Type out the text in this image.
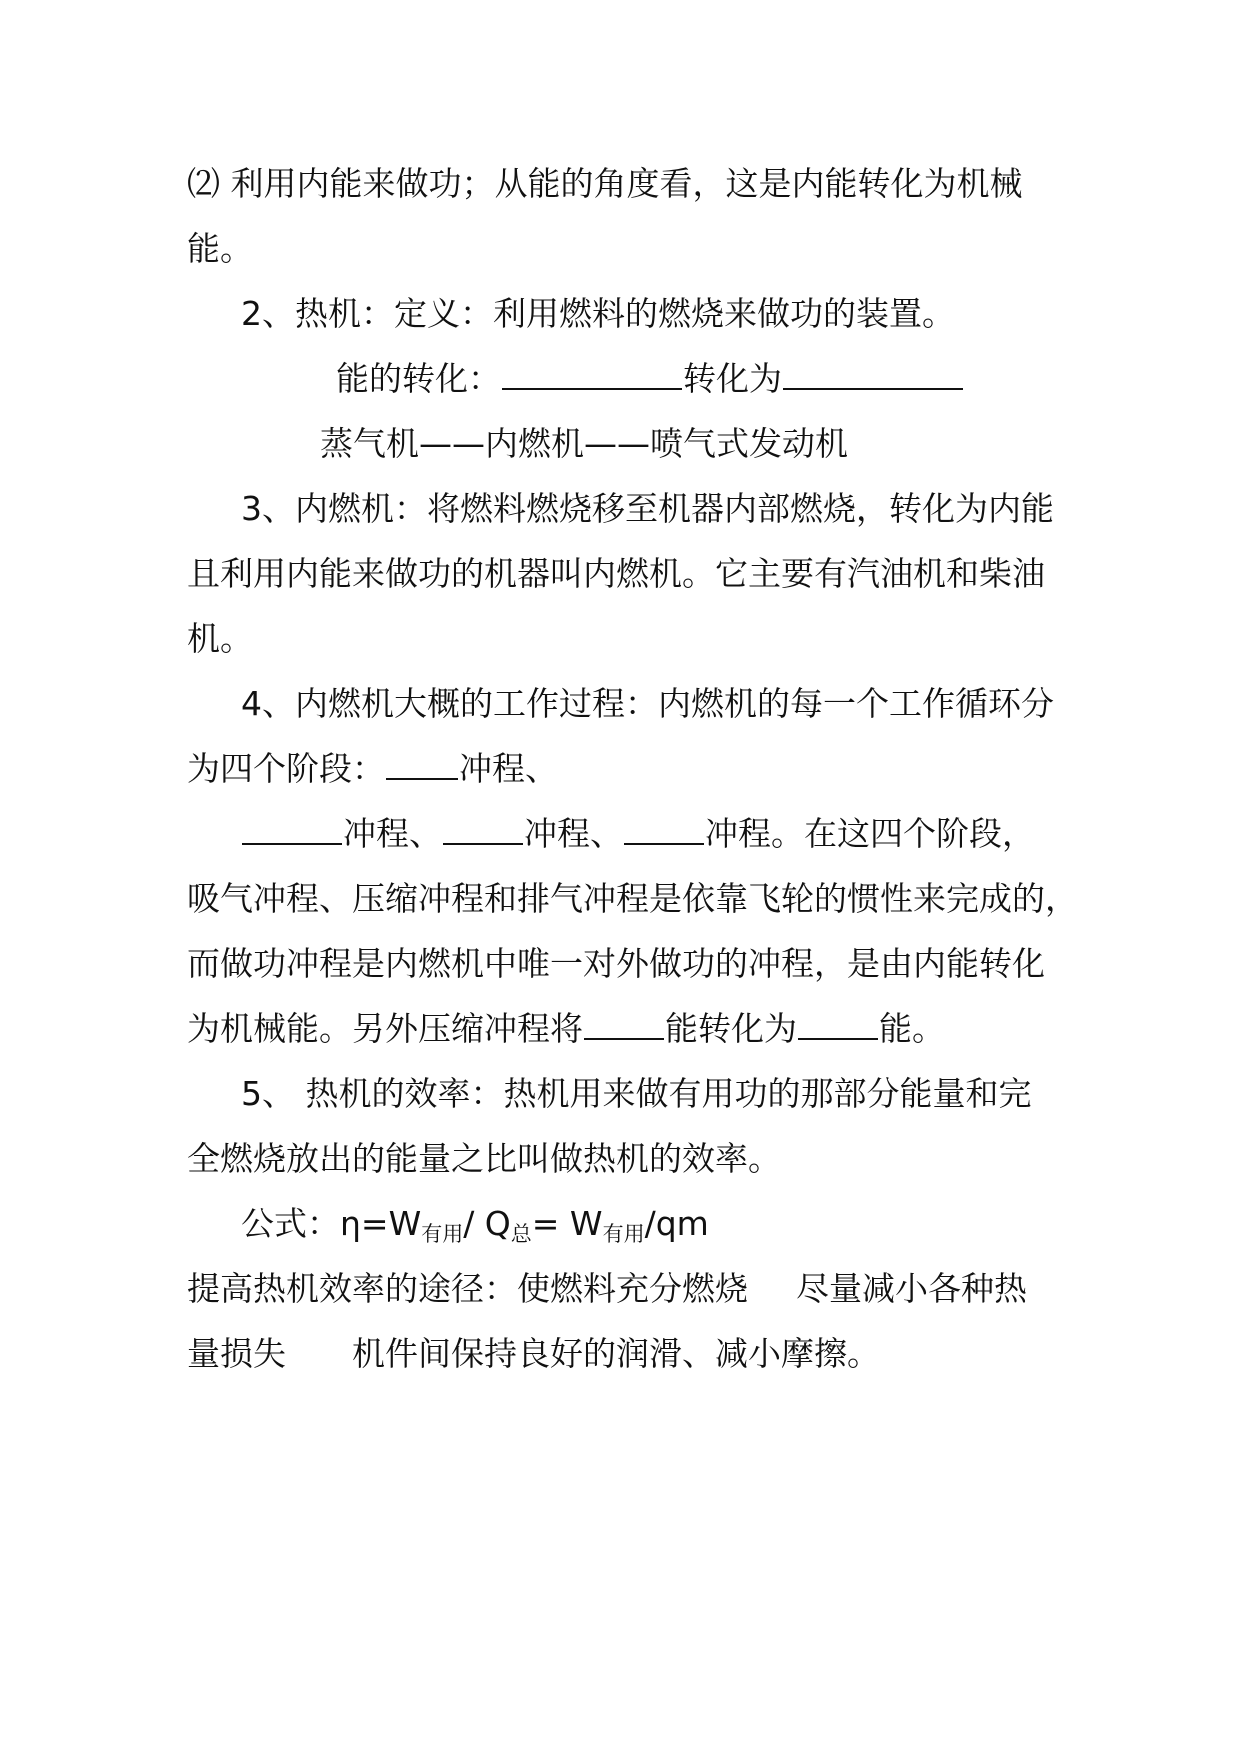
⑵ 利用内能来做功；从能的角度看，这是内能转化为机械
能。
2、热机：定义：利用燃料的燃烧来做功的装置。
能的转化：	转化为
蒸气机——内燃机——喷气式发动机
3、内燃机：将燃料燃烧移至机器内部燃烧，转化为内能
且利用内能来做功的机器叫内燃机。它主要有汽油机和柴油
机。
4、内燃机大概的工作过程：内燃机的每一个工作循环分
为四个阶段： 冲程、
冲程、 冲程、 冲程。在这四个阶段，
吸气冲程、压缩冲程和排气冲程是依靠飞轮的惯性来完成的，
而做功冲程是内燃机中唯一对外做功的冲程，是由内能转化
为机械能。另外压缩冲程将 能转化为 能。
5、 热机的效率：热机用来做有用功的那部分能量和完
全燃烧放出的能量之比叫做热机的效率。
公式：$\eta=W_{有用}/$ $Q_总= W_{有用}/qm$
提高热机效率的途径：使燃料充分燃烧 尽量减小各种热
量损失 机件间保持良好的润滑、减小摩擦。
